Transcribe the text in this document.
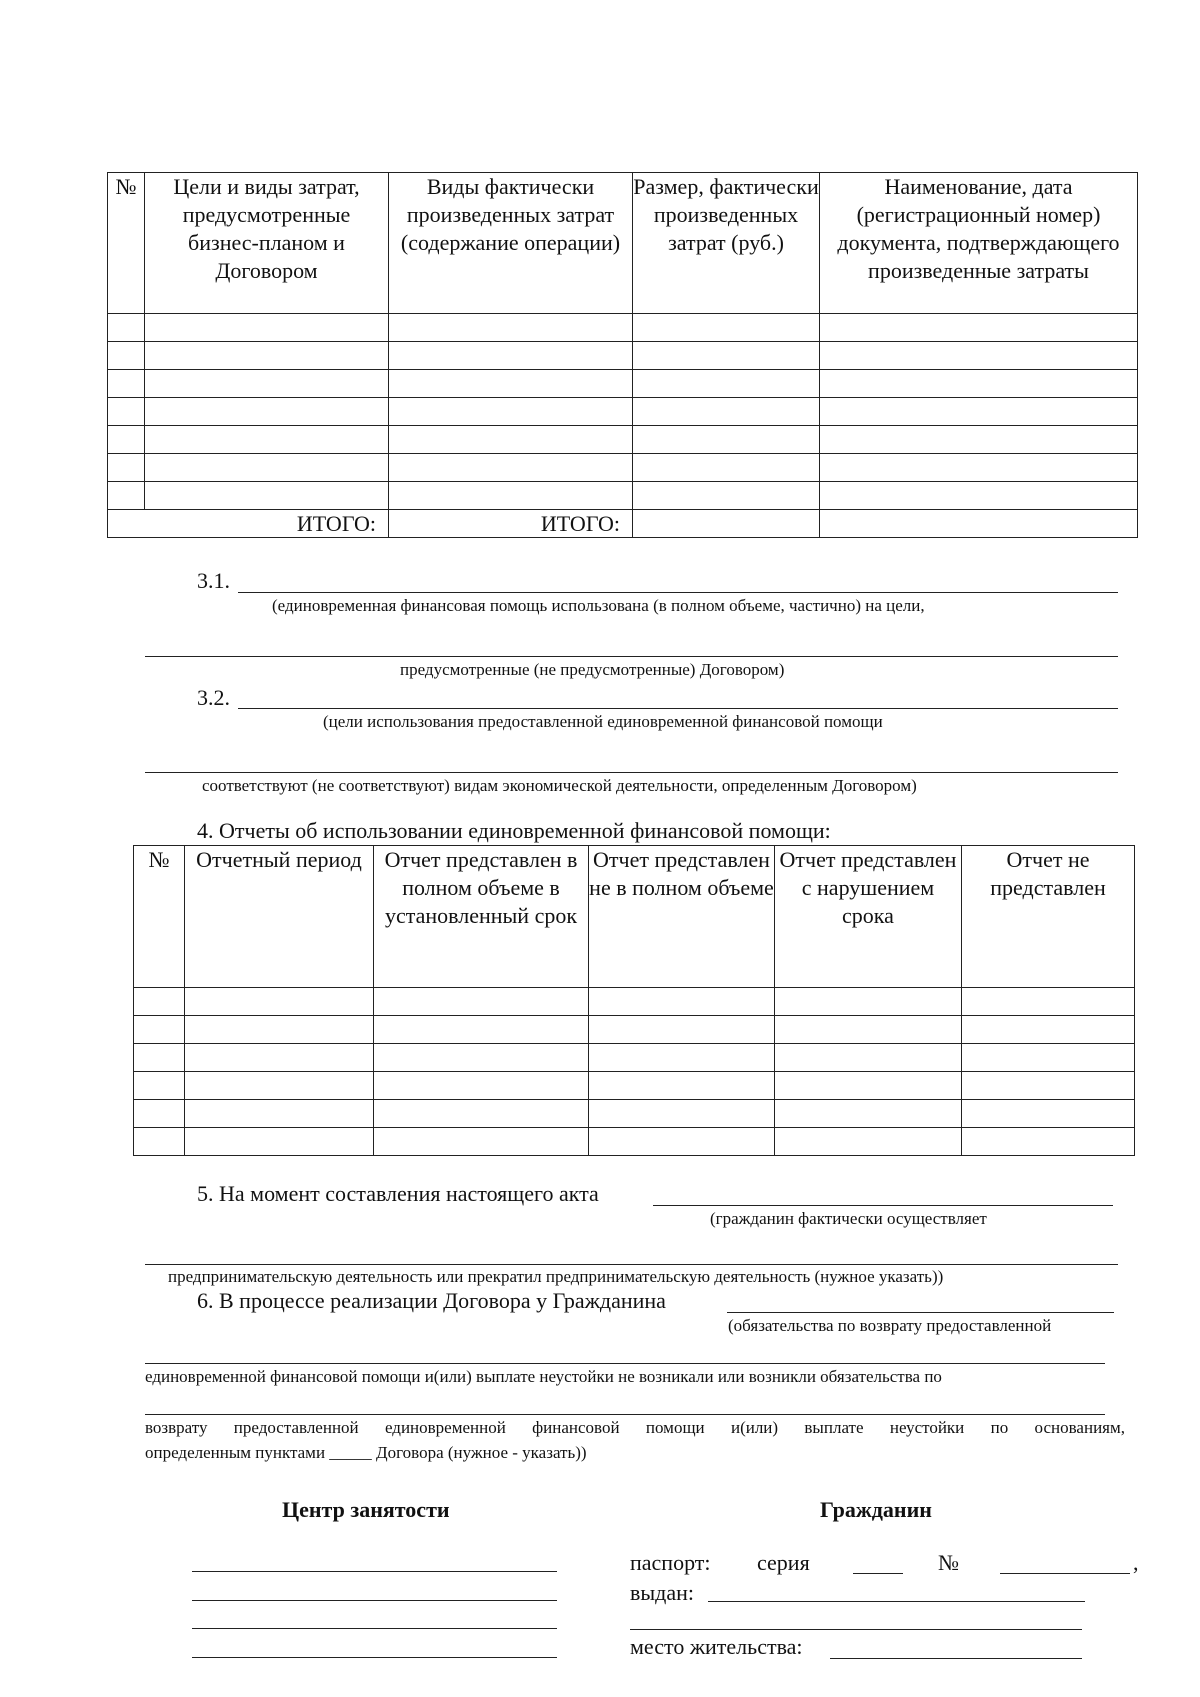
№	Цели и виды затрат, предусмотренные бизнес-планом и Договором	Виды фактически произведенных затрат (содержание операции)	Размер, фактически произведенных затрат (руб.)	Наименование, дата (регистрационный номер) документа, подтверждающего произведенные затраты

ИТОГО:		ИТОГО:		
3.1.
(единовременная финансовая помощь использована (в полном объеме, частично) на цели,
предусмотренные (не предусмотренные) Договором)
3.2.
(цели использования предоставленной единовременной финансовой помощи
соответствуют (не соответствуют) видам экономической деятельности, определенным Договором)
4. Отчеты об использовании единовременной финансовой помощи:
№	Отчетный период	Отчет представлен в полном объеме в установленный срок	Отчет представлен не в полном объеме	Отчет представлен с нарушением срока	Отчет не представлен

5. На момент составления настоящего акта
(гражданин фактически осуществляет
предпринимательскую деятельность или прекратил предпринимательскую деятельность (нужное указать))
6. В процессе реализации Договора у Гражданина
(обязательства по возврату предоставленной
единовременной финансовой помощи и(или) выплате неустойки не возникали или возникли обязательства по
возврату предоставленной единовременной финансовой помощи и(или) выплате неустойки по основаниям,
определенным пунктами _____ Договора (нужное - указать))
Центр занятости	Гражданин
паспорт: серия	№	,
выдан:
место жительства:
